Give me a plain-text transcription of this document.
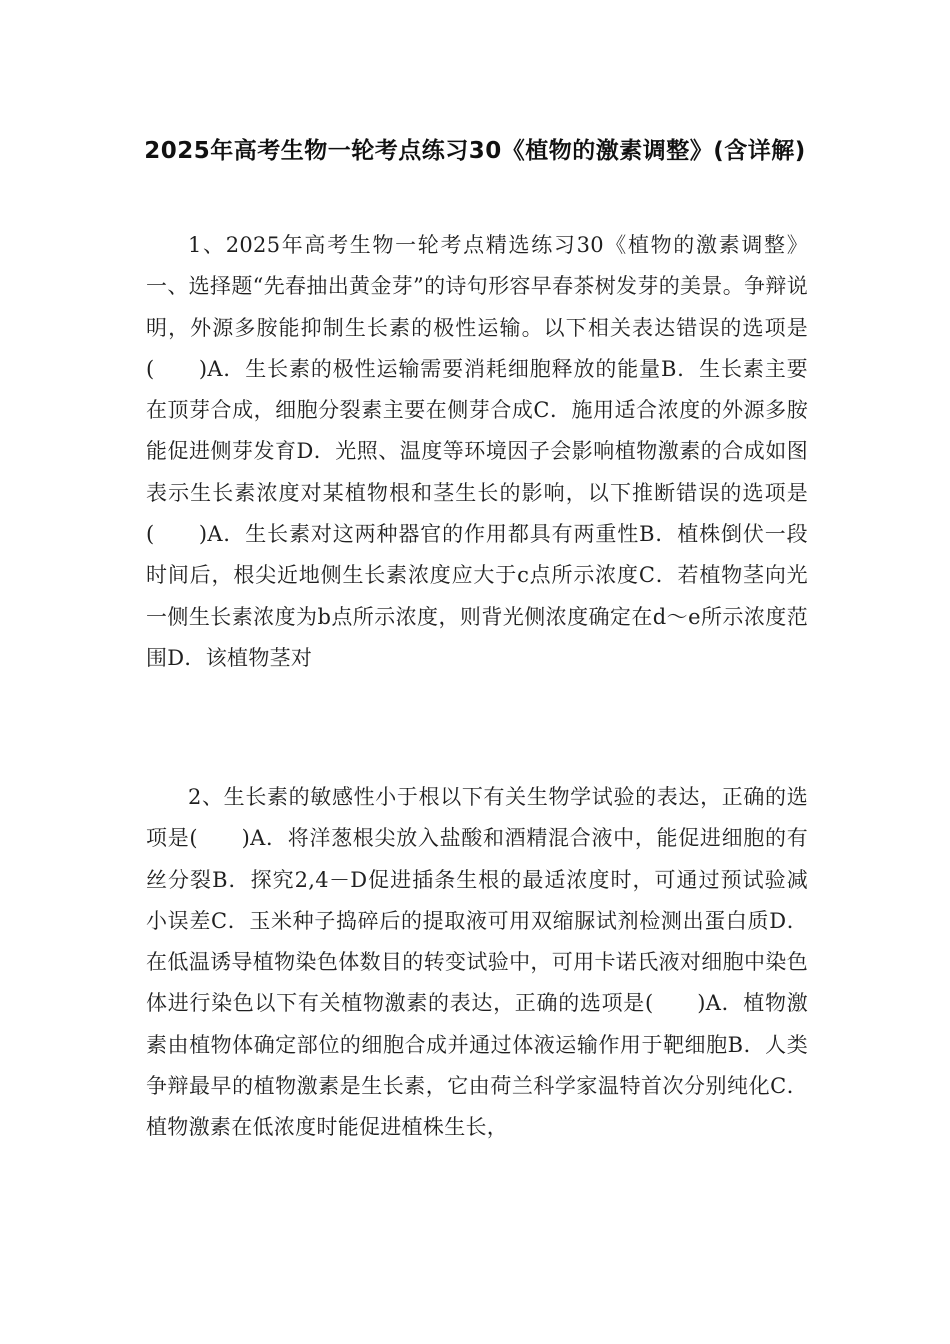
2025年高考生物一轮考点练习30《植物的激素调整》(含详解)
1、2025年高考生物一轮考点精选练习30《植物的激素调整》一、选择题“先春抽出黄金芽”的诗句形容早春茶树发芽的美景。争辩说明，外源多胺能抑制生长素的极性运输。以下相关表达错误的选项是(　　)A．生长素的极性运输需要消耗细胞释放的能量B．生长素主要在顶芽合成，细胞分裂素主要在侧芽合成C．施用适合浓度的外源多胺能促进侧芽发育D．光照、温度等环境因子会影响植物激素的合成如图表示生长素浓度对某植物根和茎生长的影响，以下推断错误的选项是(　　)A．生长素对这两种器官的作用都具有两重性B．植株倒伏一段时间后，根尖近地侧生长素浓度应大于c点所示浓度C．若植物茎向光一侧生长素浓度为b点所示浓度，则背光侧浓度确定在d～e所示浓度范围D．该植物茎对
2、生长素的敏感性小于根以下有关生物学试验的表达，正确的选项是(　　)A．将洋葱根尖放入盐酸和酒精混合液中，能促进细胞的有丝分裂B．探究2,4－D促进插条生根的最适浓度时，可通过预试验减小误差C．玉米种子捣碎后的提取液可用双缩脲试剂检测出蛋白质D．在低温诱导植物染色体数目的转变试验中，可用卡诺氏液对细胞中染色体进行染色以下有关植物激素的表达，正确的选项是(　　)A．植物激素由植物体确定部位的细胞合成并通过体液运输作用于靶细胞B．人类争辩最早的植物激素是生长素，它由荷兰科学家温特首次分别纯化C．植物激素在低浓度时能促进植株生长，
